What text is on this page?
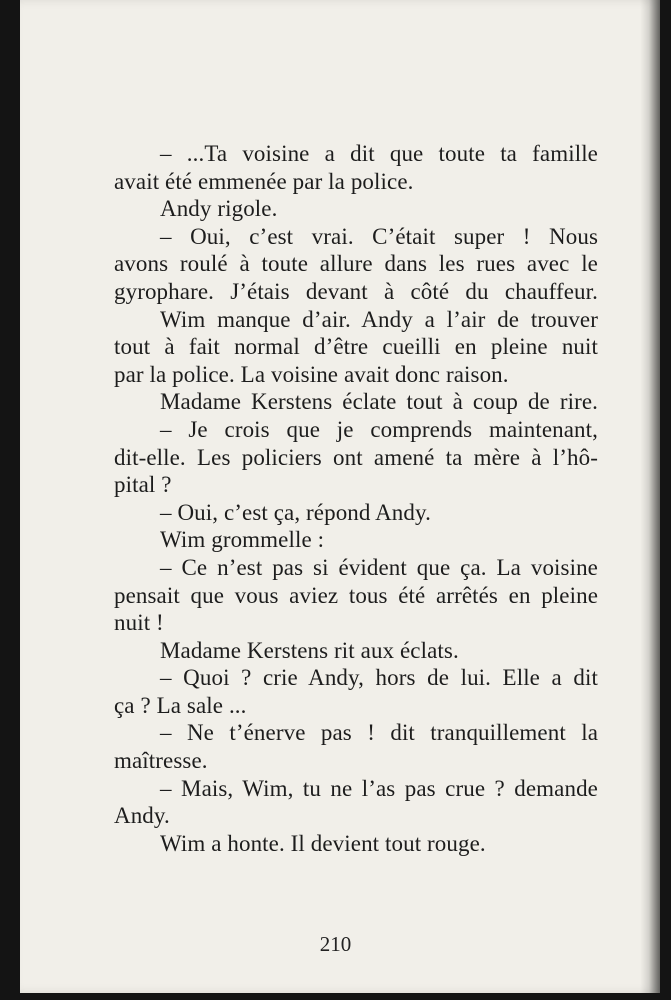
– ...Ta voisine a dit que toute ta famille
avait été emmenée par la police.
Andy rigole.
– Oui, c’est vrai. C’était super ! Nous
avons roulé à toute allure dans les rues avec le
gyrophare. J’étais devant à côté du chauffeur.
Wim manque d’air. Andy a l’air de trouver
tout à fait normal d’être cueilli en pleine nuit
par la police. La voisine avait donc raison.
Madame Kerstens éclate tout à coup de rire.
– Je crois que je comprends maintenant,
dit-elle. Les policiers ont amené ta mère à l’hô-
pital ?
– Oui, c’est ça, répond Andy.
Wim grommelle :
– Ce n’est pas si évident que ça. La voisine
pensait que vous aviez tous été arrêtés en pleine
nuit !
Madame Kerstens rit aux éclats.
– Quoi ? crie Andy, hors de lui. Elle a dit
ça ? La sale ...
– Ne t’énerve pas ! dit tranquillement la
maîtresse.
– Mais, Wim, tu ne l’as pas crue ? demande
Andy.
Wim a honte. Il devient tout rouge.
210
